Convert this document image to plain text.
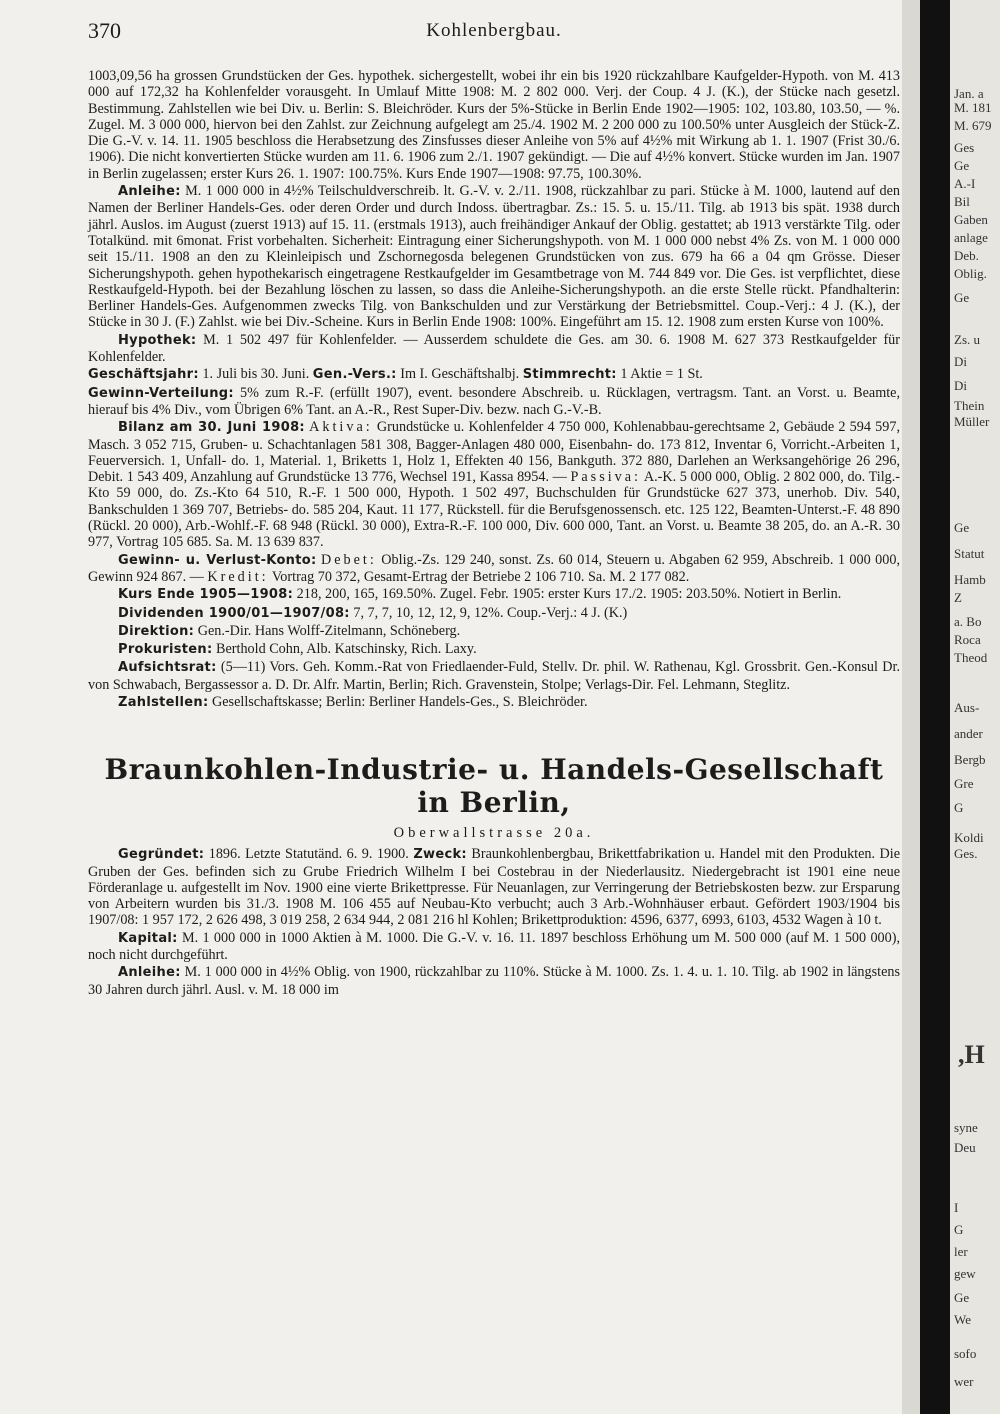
370	Kohlenbergbau.

1003,09,56 ha grossen Grundstücken der Ges. hypothek. sichergestellt, wobei ihr ein bis 1920 rückzahlbare Kaufgelder-Hypoth. von M. 413 000 auf 172,32 ha Kohlenfelder vorausgeht. In Umlauf Mitte 1908: M. 2 802 000. Verj. der Coup. 4 J. (K.), der Stücke nach gesetzl. Bestimmung. Zahlstellen wie bei Div. u. Berlin: S. Bleichröder. Kurs der 5%-Stücke in Berlin Ende 1902—1905: 102, 103.80, 103.50, — %. Zugel. M. 3 000 000, hiervon bei den Zahlst. zur Zeichnung aufgelegt am 25./4. 1902 M. 2 200 000 zu 100.50% unter Ausgleich der Stück-Z. Die G.-V. v. 14. 11. 1905 beschloss die Herabsetzung des Zinsfusses dieser Anleihe von 5% auf 4½% mit Wirkung ab 1. 1. 1907 (Frist 30./6. 1906). Die nicht konvertierten Stücke wurden am 11. 6. 1906 zum 2./1. 1907 gekündigt. — Die auf 4½% konvert. Stücke wurden im Jan. 1907 in Berlin zugelassen; erster Kurs 26. 1. 1907: 100.75%. Kurs Ende 1907—1908: 97.75, 100.30%.

Anleihe: M. 1 000 000 in 4½% Teilschuldverschreib. lt. G.-V. v. 2./11. 1908, rückzahlbar zu pari. Stücke à M. 1000, lautend auf den Namen der Berliner Handels-Ges. oder deren Order und durch Indoss. übertragbar. Zs.: 15. 5. u. 15./11. Tilg. ab 1913 bis spät. 1938 durch jährl. Auslos. im August (zuerst 1913) auf 15. 11. (erstmals 1913), auch freihändiger Ankauf der Oblig. gestattet; ab 1913 verstärkte Tilg. oder Totalkünd. mit 6monat. Frist vorbehalten. Sicherheit: Eintragung einer Sicherungshypoth. von M. 1 000 000 nebst 4% Zs. von M. 1 000 000 seit 15./11. 1908 an den zu Kleinleipisch und Zschornegosda belegenen Grundstücken von zus. 679 ha 66 a 04 qm Grösse. Dieser Sicherungshypoth. gehen hypothekarisch eingetragene Restkaufgelder im Gesamtbetrage von M. 744 849 vor. Die Ges. ist verpflichtet, diese Restkaufgeld-Hypoth. bei der Bezahlung löschen zu lassen, so dass die Anleihe-Sicherungshypoth. an die erste Stelle rückt. Pfandhalterin: Berliner Handels-Ges. Aufgenommen zwecks Tilg. von Bankschulden und zur Verstärkung der Betriebsmittel. Coup.-Verj.: 4 J. (K.), der Stücke in 30 J. (F.) Zahlst. wie bei Div.-Scheine. Kurs in Berlin Ende 1908: 100%. Eingeführt am 15. 12. 1908 zum ersten Kurse von 100%.

Hypothek: M. 1 502 497 für Kohlenfelder. — Ausserdem schuldete die Ges. am 30. 6. 1908 M. 627 373 Restkaufgelder für Kohlenfelder.

Geschäftsjahr: 1. Juli bis 30. Juni. Gen.-Vers.: Im I. Geschäftshalbj. Stimmrecht: 1 Aktie = 1 St.

Gewinn-Verteilung: 5% zum R.-F. (erfüllt 1907), event. besondere Abschreib. u. Rücklagen, vertragsm. Tant. an Vorst. u. Beamte, hierauf bis 4% Div., vom Übrigen 6% Tant. an A.-R., Rest Super-Div. bezw. nach G.-V.-B.

Bilanz am 30. Juni 1908: Aktiva: Grundstücke u. Kohlenfelder 4 750 000, Kohlenabbau-gerechtsame 2, Gebäude 2 594 597, Masch. 3 052 715, Gruben- u. Schachtanlagen 581 308, Bagger-Anlagen 480 000, Eisenbahn- do. 173 812, Inventar 6, Vorricht.-Arbeiten 1, Feuerversich. 1, Unfall- do. 1, Material. 1, Briketts 1, Holz 1, Effekten 40 156, Bankguth. 372 880, Darlehen an Werksangehörige 26 296, Debit. 1 543 409, Anzahlung auf Grundstücke 13 776, Wechsel 191, Kassa 8954. — Passiva: A.-K. 5 000 000, Oblig. 2 802 000, do. Tilg.-Kto 59 000, do. Zs.-Kto 64 510, R.-F. 1 500 000, Hypoth. 1 502 497, Buchschulden für Grundstücke 627 373, unerhob. Div. 540, Bankschulden 1 369 707, Betriebs- do. 585 204, Kaut. 11 177, Rückstell. für die Berufsgenossensch. etc. 125 122, Beamten-Unterst.-F. 48 890 (Rückl. 20 000), Arb.-Wohlf.-F. 68 948 (Rückl. 30 000), Extra-R.-F. 100 000, Div. 600 000, Tant. an Vorst. u. Beamte 38 205, do. an A.-R. 30 977, Vortrag 105 685. Sa. M. 13 639 837.

Gewinn- u. Verlust-Konto: Debet: Oblig.-Zs. 129 240, sonst. Zs. 60 014, Steuern u. Abgaben 62 959, Abschreib. 1 000 000, Gewinn 924 867. — Kredit: Vortrag 70 372, Gesamt-Ertrag der Betriebe 2 106 710. Sa. M. 2 177 082.

Kurs Ende 1905—1908: 218, 200, 165, 169.50%. Zugel. Febr. 1905: erster Kurs 17./2. 1905: 203.50%. Notiert in Berlin.

Dividenden 1900/01—1907/08: 7, 7, 7, 10, 12, 12, 9, 12%. Coup.-Verj.: 4 J. (K.)

Direktion: Gen.-Dir. Hans Wolff-Zitelmann, Schöneberg.

Prokuristen: Berthold Cohn, Alb. Katschinsky, Rich. Laxy.

Aufsichtsrat: (5—11) Vors. Geh. Komm.-Rat von Friedlaender-Fuld, Stellv. Dr. phil. W. Rathenau, Kgl. Grossbrit. Gen.-Konsul Dr. von Schwabach, Bergassessor a. D. Dr. Alfr. Martin, Berlin; Rich. Gravenstein, Stolpe; Verlags-Dir. Fel. Lehmann, Steglitz.

Zahlstellen: Gesellschaftskasse; Berlin: Berliner Handels-Ges., S. Bleichröder.

Braunkohlen-Industrie- u. Handels-Gesellschaft in Berlin,
Oberwallstrasse 20a.

Gegründet: 1896. Letzte Statutänd. 6. 9. 1900. Zweck: Braunkohlenbergbau, Brikettfabrikation u. Handel mit den Produkten. Die Gruben der Ges. befinden sich zu Grube Friedrich Wilhelm I bei Costebrau in der Niederlausitz. Niedergebracht ist 1901 eine neue Förderanlage u. aufgestellt im Nov. 1900 eine vierte Brikettpresse. Für Neuanlagen, zur Verringerung der Betriebskosten bezw. zur Ersparung von Arbeitern wurden bis 31./3. 1908 M. 106 455 auf Neubau-Kto verbucht; auch 3 Arb.-Wohnhäuser erbaut. Gefördert 1903/1904 bis 1907/08: 1 957 172, 2 626 498, 3 019 258, 2 634 944, 2 081 216 hl Kohlen; Brikettproduktion: 4596, 6377, 6993, 6103, 4532 Wagen à 10 t.

Kapital: M. 1 000 000 in 1000 Aktien à M. 1000. Die G.-V. v. 16. 11. 1897 beschloss Erhöhung um M. 500 000 (auf M. 1 500 000), noch nicht durchgeführt.

Anleihe: M. 1 000 000 in 4½% Oblig. von 1900, rückzahlbar zu 110%. Stücke à M. 1000. Zs. 1. 4. u. 1. 10. Tilg. ab 1902 in längstens 30 Jahren durch jährl. Ausl. v. M. 18 000 im

Jan. a
M. 181
M. 679
Ges
Ge
A.-I
Bil
Gaben
anlage
Deb.
Oblig.
Ge
Zs. u
Di
Di
Thein
Müller
Ge
Statut
Hamb
Z
a. Bo
Roca
Theod
Aus-
ander
Bergb
Gre
G
Koldi
Ges.
,H
syne
Deu
I
G
ler
gew
Ge
We
sofo
wer
